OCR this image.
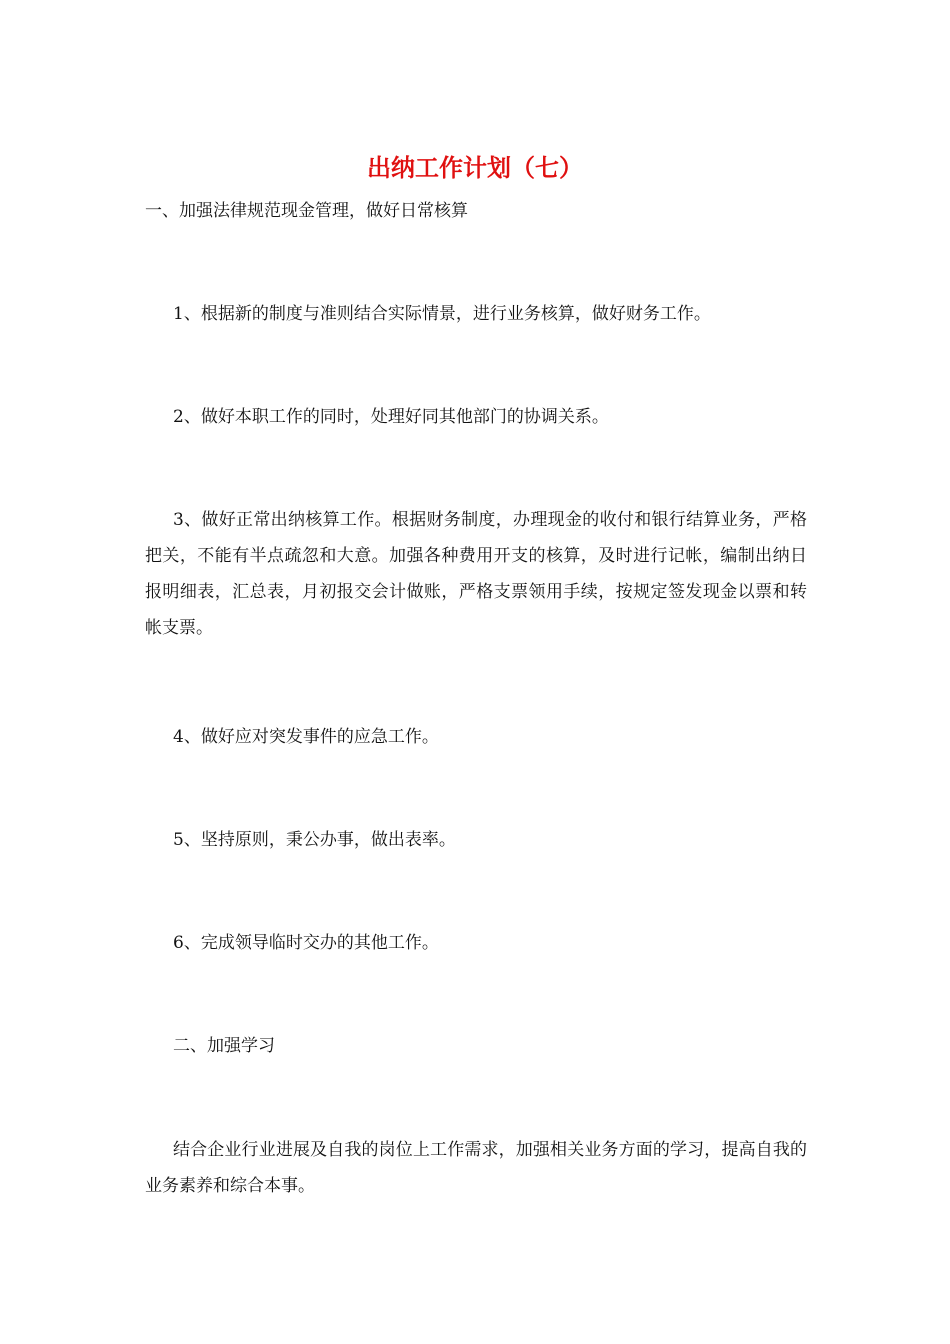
出纳工作计划（七）

一、加强法律规范现金管理，做好日常核算

1、根据新的制度与准则结合实际情景，进行业务核算，做好财务工作。

2、做好本职工作的同时，处理好同其他部门的协调关系。

3、做好正常出纳核算工作。根据财务制度，办理现金的收付和银行结算业务，严格把关，不能有半点疏忽和大意。加强各种费用开支的核算，及时进行记帐，编制出纳日报明细表，汇总表，月初报交会计做账，严格支票领用手续，按规定签发现金以票和转帐支票。

4、做好应对突发事件的应急工作。

5、坚持原则，秉公办事，做出表率。

6、完成领导临时交办的其他工作。

二、加强学习

结合企业行业进展及自我的岗位上工作需求，加强相关业务方面的学习，提高自我的业务素养和综合本事。
